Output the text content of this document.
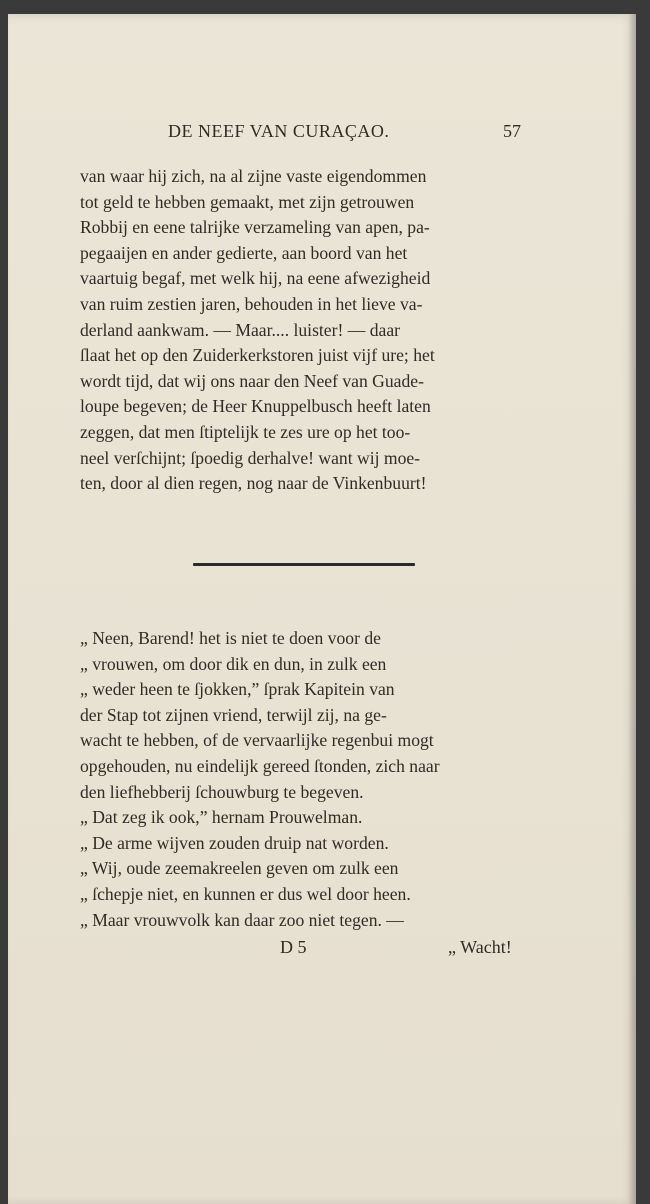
DE NEEF VAN CURAÇAO.	57
van waar hij zich, na al zijne vaste eigendommen
tot geld te hebben gemaakt, met zijn getrouwen
Robbij en eene talrijke verzameling van apen, pa-
pegaaijen en ander gedierte, aan boord van het
vaartuig begaf, met welk hij, na eene afwezigheid
van ruim zestien jaren, behouden in het lieve va-
derland aankwam. — Maar.... luister! — daar
ſlaat het op den Zuiderkerkstoren juist vijf ure; het
wordt tijd, dat wij ons naar den Neef van Guade-
loupe begeven; de Heer Knuppelbusch heeft laten
zeggen, dat men ſtiptelijk te zes ure op het too-
neel verſchijnt; ſpoedig derhalve! want wij moe-
ten, door al dien regen, nog naar de Vinkenbuurt!
„ Neen, Barend! het is niet te doen voor de
„ vrouwen, om door dik en dun, in zulk een
„ weder heen te ſjokken,” ſprak Kapitein van
der Stap tot zijnen vriend, terwijl zij, na ge-
wacht te hebben, of de vervaarlijke regenbui mogt
opgehouden, nu eindelijk gereed ſtonden, zich naar
den liefhebberij ſchouwburg te begeven.
„ Dat zeg ik ook,” hernam Prouwelman.
„ De arme wijven zouden druip nat worden.
„ Wij, oude zeemakreelen geven om zulk een
„ ſchepje niet, en kunnen er dus wel door heen.
„ Maar vrouwvolk kan daar zoo niet tegen. —
D 5	„ Wacht!
